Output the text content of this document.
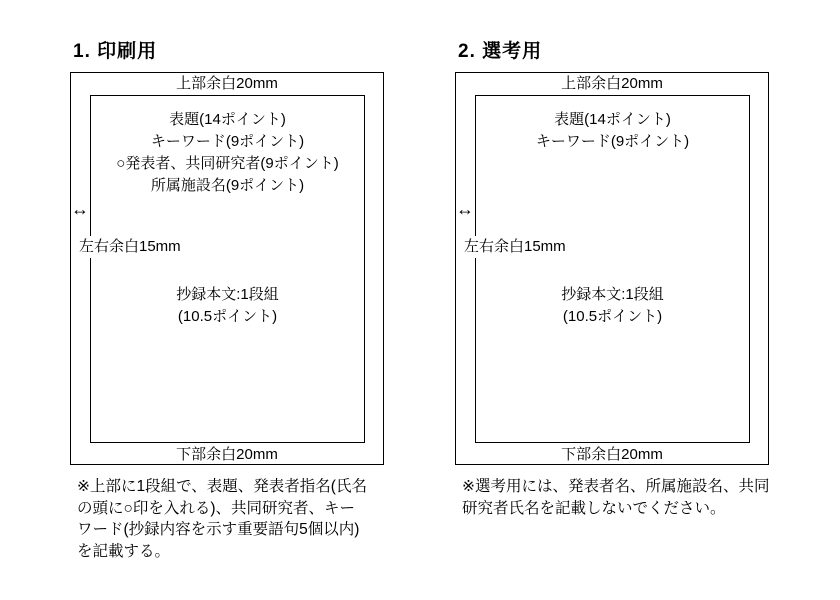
1. 印刷用
上部余白20mm
表題(14ポイント)
キーワード(9ポイント)
○発表者、共同研究者(9ポイント)
所属施設名(9ポイント)
↔
左右余白15mm
抄録本文:1段組
(10.5ポイント)
下部余白20mm
※上部に1段組で、表題、発表者指名(氏名
の頭に○印を入れる)、共同研究者、キー
ワード(抄録内容を示す重要語句5個以内)
を記載する。
2. 選考用
上部余白20mm
表題(14ポイント)
キーワード(9ポイント)
↔
左右余白15mm
抄録本文:1段組
(10.5ポイント)
下部余白20mm
※選考用には、発表者名、所属施設名、共同
研究者氏名を記載しないでください。
